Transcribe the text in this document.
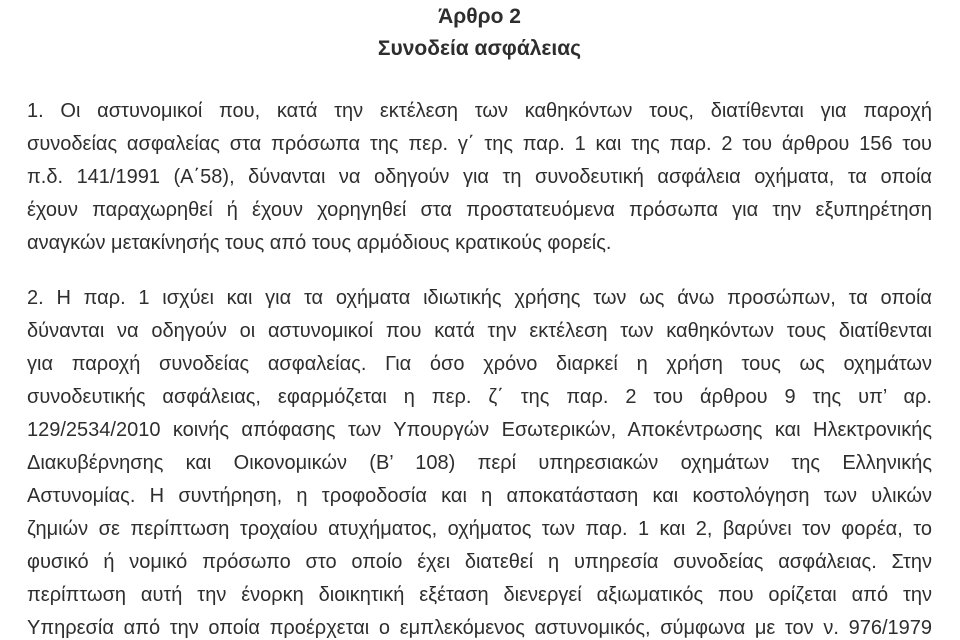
Άρθρο 2
Συνοδεία ασφάλειας
1. Οι αστυνομικοί που, κατά την εκτέλεση των καθηκόντων τους, διατίθενται για παροχή
συνοδείας ασφαλείας στα πρόσωπα της περ. γ΄ της παρ. 1 και της παρ. 2 του άρθρου 156 του
π.δ. 141/1991 (Α΄58), δύνανται να οδηγούν για τη συνοδευτική ασφάλεια οχήματα, τα οποία
έχουν παραχωρηθεί ή έχουν χορηγηθεί στα προστατευόμενα πρόσωπα για την εξυπηρέτηση
αναγκών μετακίνησής τους από τους αρμόδιους κρατικούς φορείς.
2. Η παρ. 1 ισχύει και για τα οχήματα ιδιωτικής χρήσης των ως άνω προσώπων, τα οποία
δύνανται να οδηγούν οι αστυνομικοί που κατά την εκτέλεση των καθηκόντων τους διατίθενται
για παροχή συνοδείας ασφαλείας. Για όσο χρόνο διαρκεί η χρήση τους ως οχημάτων
συνοδευτικής ασφάλειας, εφαρμόζεται η περ. ζ΄ της παρ. 2 του άρθρου 9 της υπ’ αρ.
129/2534/2010 κοινής απόφασης των Υπουργών Εσωτερικών, Αποκέντρωσης και Ηλεκτρονικής
Διακυβέρνησης και Οικονομικών (Β’ 108) περί υπηρεσιακών οχημάτων της Ελληνικής
Αστυνομίας. Η συντήρηση, η τροφοδοσία και η αποκατάσταση και κοστολόγηση των υλικών
ζημιών σε περίπτωση τροχαίου ατυχήματος, οχήματος των παρ. 1 και 2, βαρύνει τον φορέα, το
φυσικό ή νομικό πρόσωπο στο οποίο έχει διατεθεί η υπηρεσία συνοδείας ασφάλειας. Στην
περίπτωση αυτή την ένορκη διοικητική εξέταση διενεργεί αξιωματικός που ορίζεται από την
Υπηρεσία από την οποία προέρχεται ο εμπλεκόμενος αστυνομικός, σύμφωνα με τον ν. 976/1979
